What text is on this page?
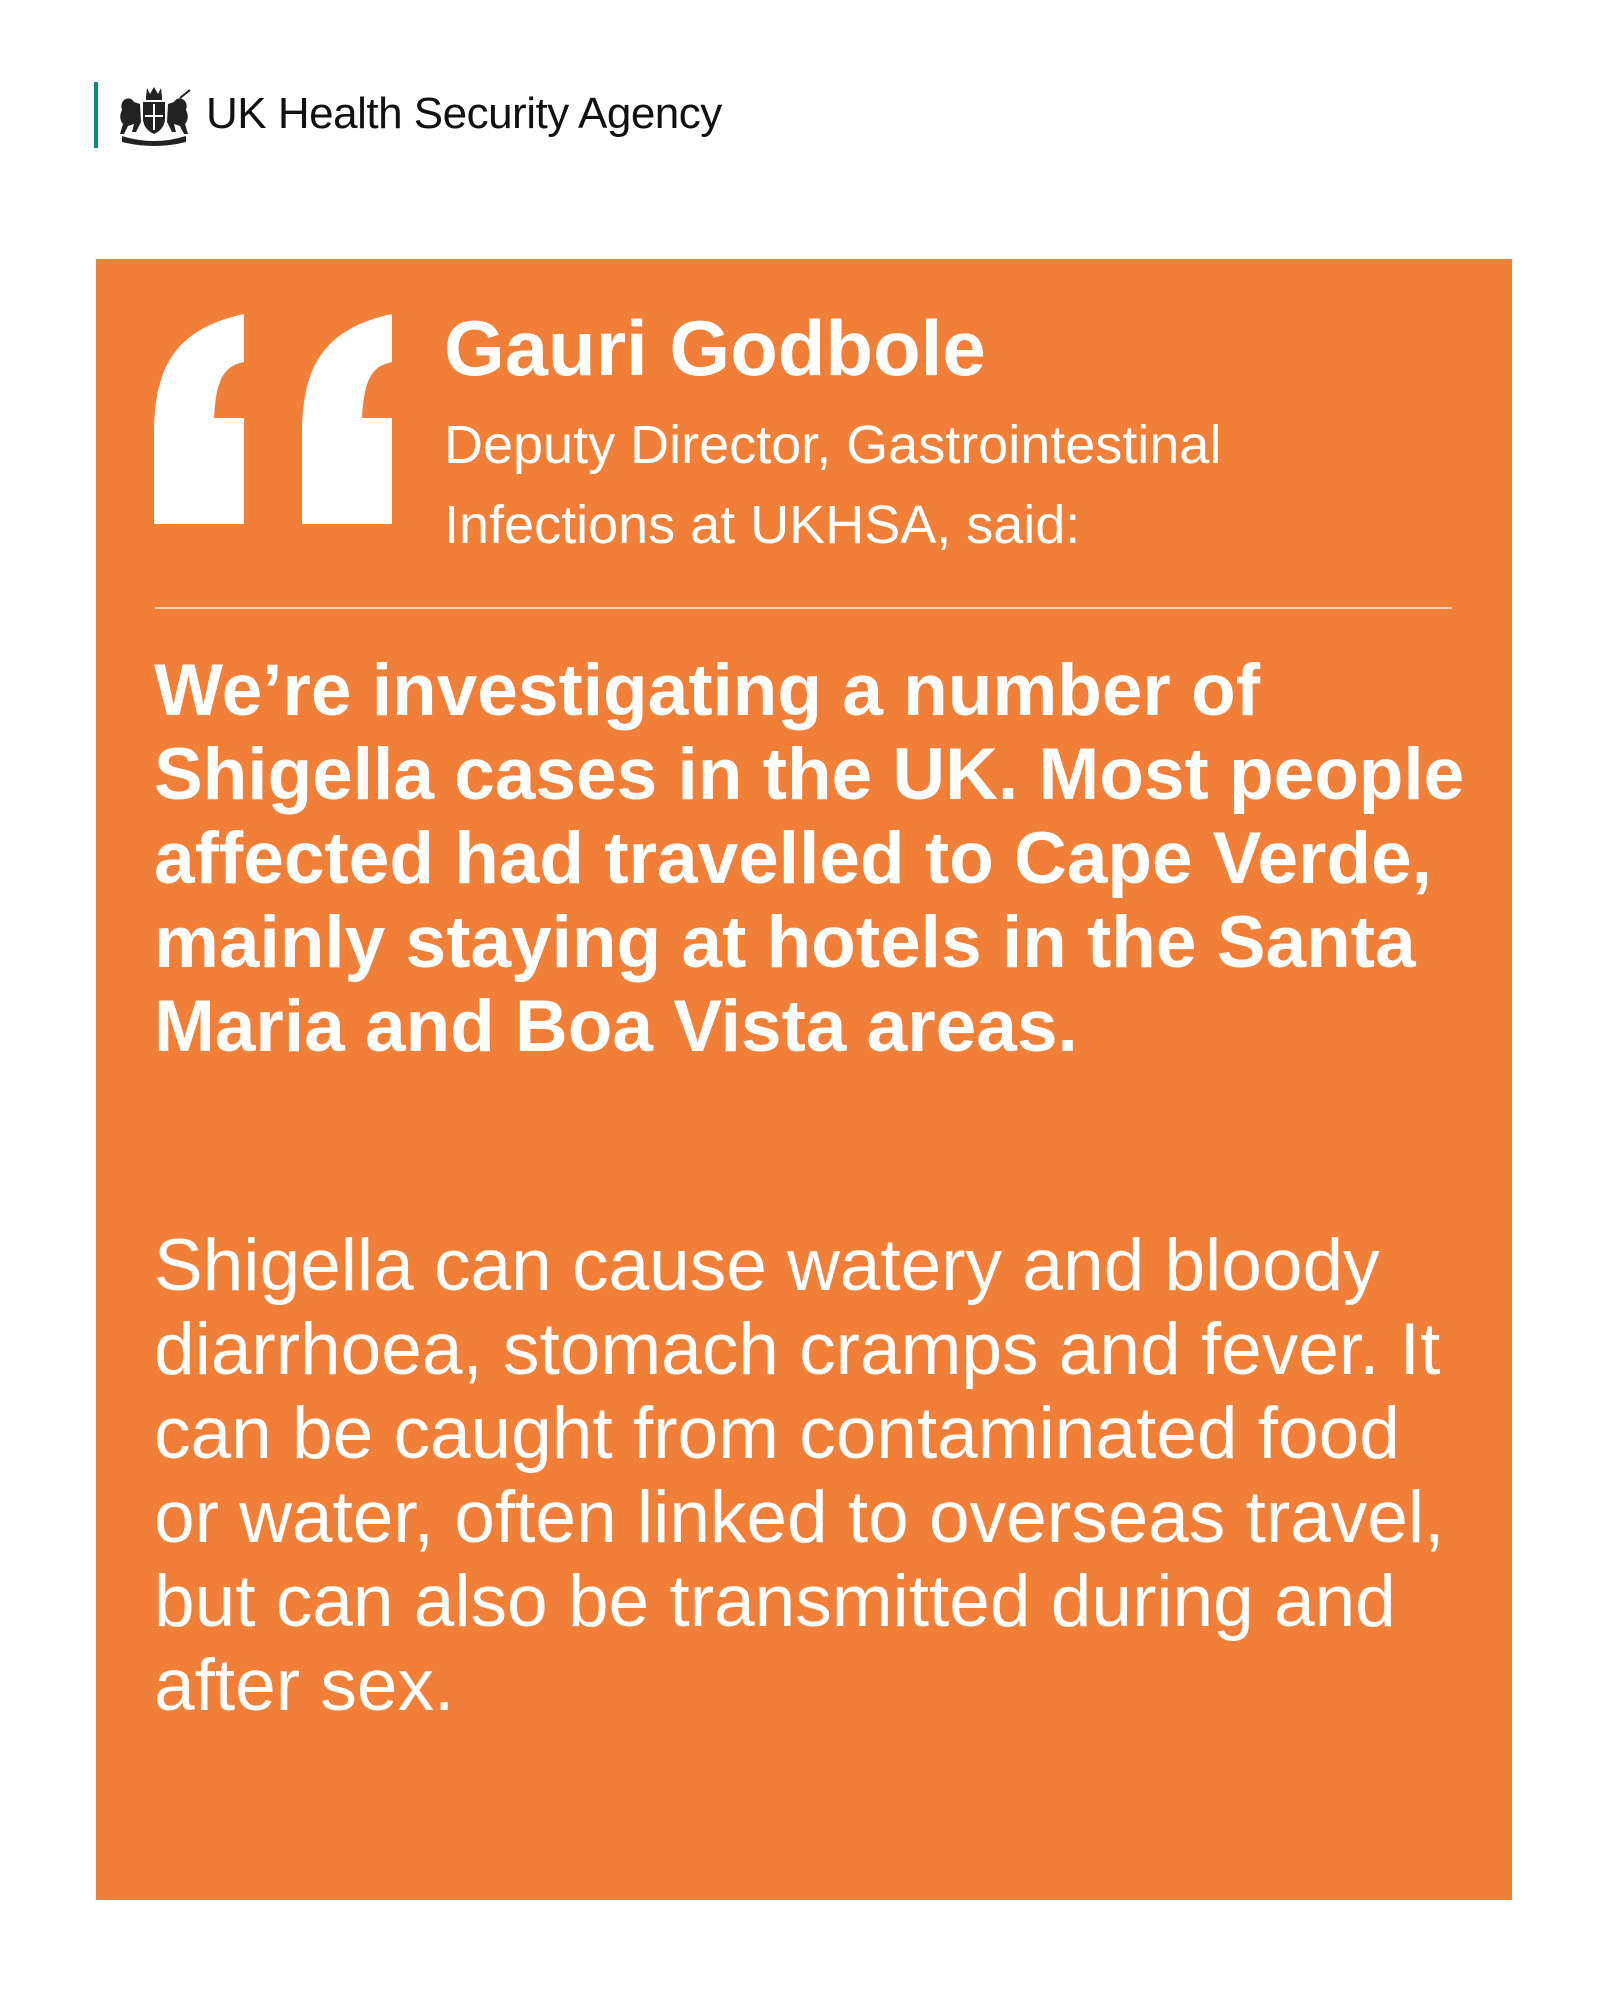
UK Health Security Agency
Gauri Godbole
Deputy Director, Gastrointestinal Infections at UKHSA, said:

We’re investigating a number of Shigella cases in the UK. Most people affected had travelled to Cape Verde, mainly staying at hotels in the Santa Maria and Boa Vista areas.

Shigella can cause watery and bloody diarrhoea, stomach cramps and fever. It can be caught from contaminated food or water, often linked to overseas travel, but can also be transmitted during and after sex.
